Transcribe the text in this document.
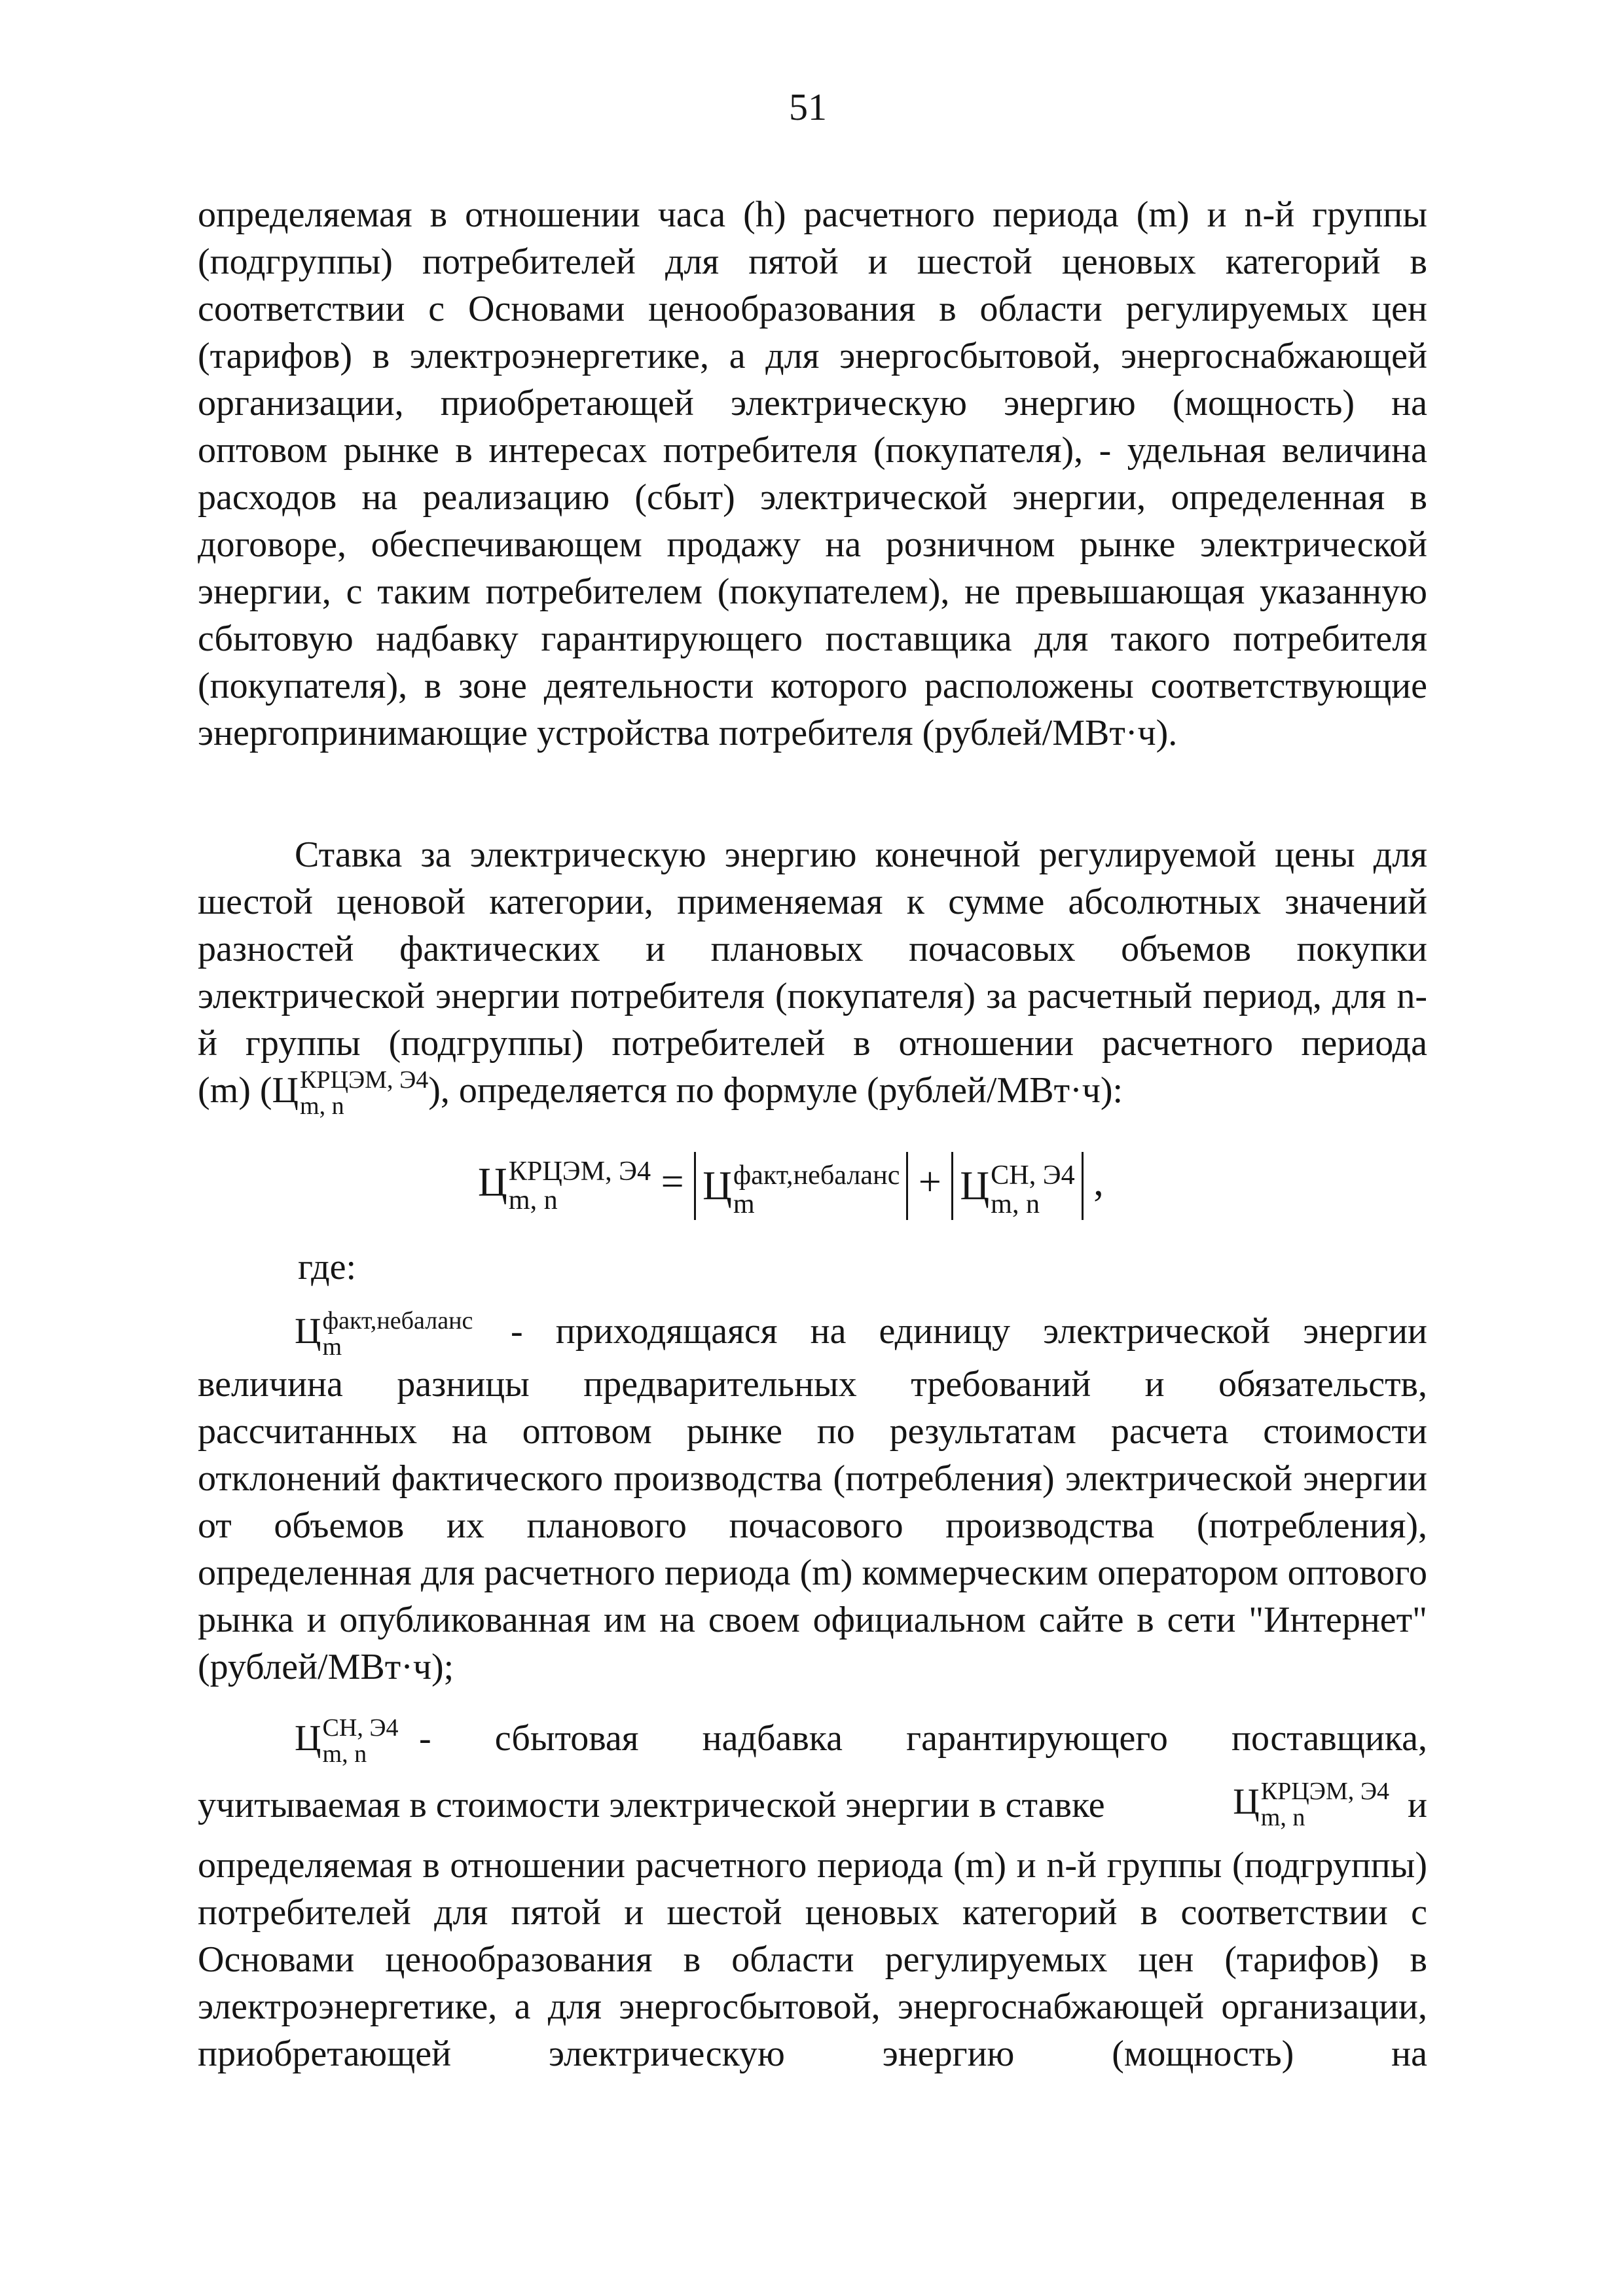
51

определяемая в отношении часа (h) расчетного периода (m) и n-й группы (подгруппы) потребителей для пятой и шестой ценовых категорий в соответствии с Основами ценообразования в области регулируемых цен (тарифов) в электроэнергетике, а для энергосбытовой, энергоснабжающей организации, приобретающей электрическую энергию (мощность) на оптовом рынке в интересах потребителя (покупателя), - удельная величина расходов на реализацию (сбыт) электрической энергии, определенная в договоре, обеспечивающем продажу на розничном рынке электрической энергии, с таким потребителем (покупателем), не превышающая указанную сбытовую надбавку гарантирующего поставщика для такого потребителя (покупателя), в зоне деятельности которого расположены соответствующие энергопринимающие устройства потребителя (рублей/МВт·ч).

Ставка за электрическую энергию конечной регулируемой цены для шестой ценовой категории, применяемая к сумме абсолютных значений разностей фактических и плановых почасовых объемов покупки электрической энергии потребителя (покупателя) за расчетный период, для n-й группы (подгруппы) потребителей в отношении расчетного периода

(m) (Ц КРЦЭМ, Э4
m, n	), определяется по формуле (рублей/МВт·ч):

Ц КРЦЭМ, Э4
m, n	= Ц факт,небаланс
m	+ Ц СН, Э4
m, n	,
где:

Ц факт,небаланс
m	- приходящаяся на единицу электрической энергии

величина разницы предварительных требований и обязательств, рассчитанных на оптовом рынке по результатам расчета стоимости отклонений фактического производства (потребления) электрической энергии от объемов их планового почасового производства (потребления), определенная для расчетного периода (m) коммерческим оператором оптового рынка и опубликованная им на своем официальном сайте в сети "Интернет" (рублей/МВт·ч);

Ц СН, Э4
m, n	- сбытовая надбавка гарантирующего поставщика,

учитываемая в стоимости электрической энергии в ставке	Ц КРЦЭМ, Э4
m, n	и

определяемая в отношении расчетного периода (m) и n-й группы (подгруппы) потребителей для пятой и шестой ценовых категорий в соответствии с Основами ценообразования в области регулируемых цен (тарифов) в электроэнергетике, а для энергосбытовой, энергоснабжающей организации, приобретающей электрическую энергию (мощность) на
